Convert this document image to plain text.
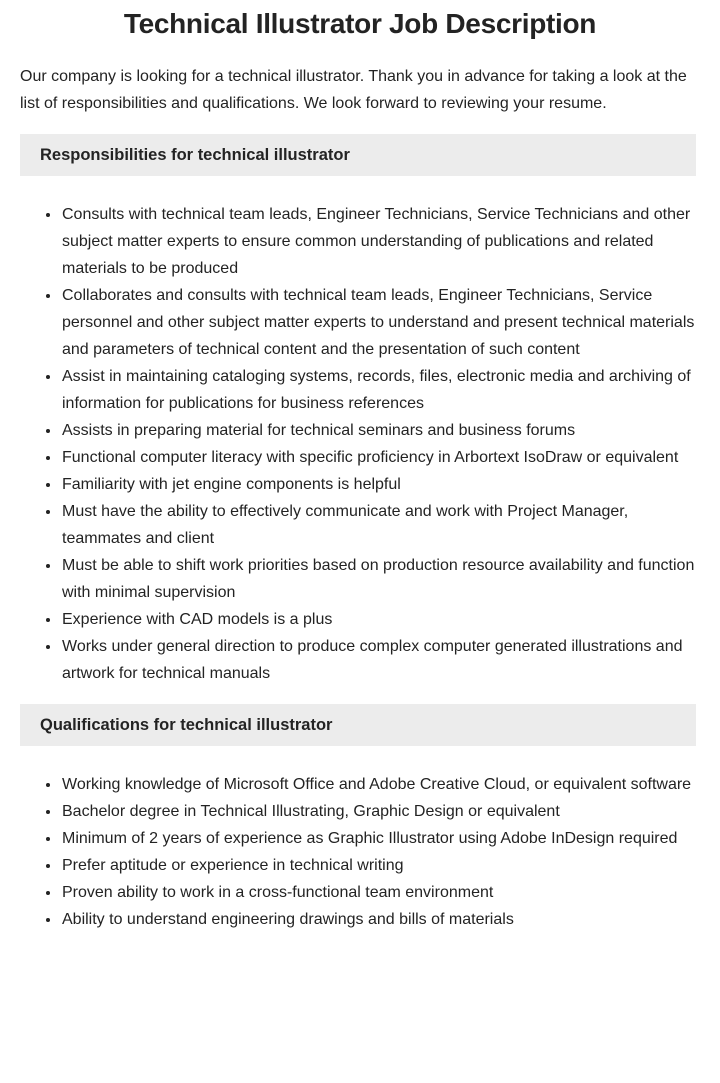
Technical Illustrator Job Description

Our company is looking for a technical illustrator. Thank you in advance for taking a look at the list of responsibilities and qualifications. We look forward to reviewing your resume.

Responsibilities for technical illustrator
• Consults with technical team leads, Engineer Technicians, Service Technicians and other subject matter experts to ensure common understanding of publications and related materials to be produced
• Collaborates and consults with technical team leads, Engineer Technicians, Service personnel and other subject matter experts to understand and present technical materials and parameters of technical content and the presentation of such content
• Assist in maintaining cataloging systems, records, files, electronic media and archiving of information for publications for business references
• Assists in preparing material for technical seminars and business forums
• Functional computer literacy with specific proficiency in Arbortext IsoDraw or equivalent
• Familiarity with jet engine components is helpful
• Must have the ability to effectively communicate and work with Project Manager, teammates and client
• Must be able to shift work priorities based on production resource availability and function with minimal supervision
• Experience with CAD models is a plus
• Works under general direction to produce complex computer generated illustrations and artwork for technical manuals
Qualifications for technical illustrator
• Working knowledge of Microsoft Office and Adobe Creative Cloud, or equivalent software
• Bachelor degree in Technical Illustrating, Graphic Design or equivalent
• Minimum of 2 years of experience as Graphic Illustrator using Adobe InDesign required
• Prefer aptitude or experience in technical writing
• Proven ability to work in a cross-functional team environment
• Ability to understand engineering drawings and bills of materials
